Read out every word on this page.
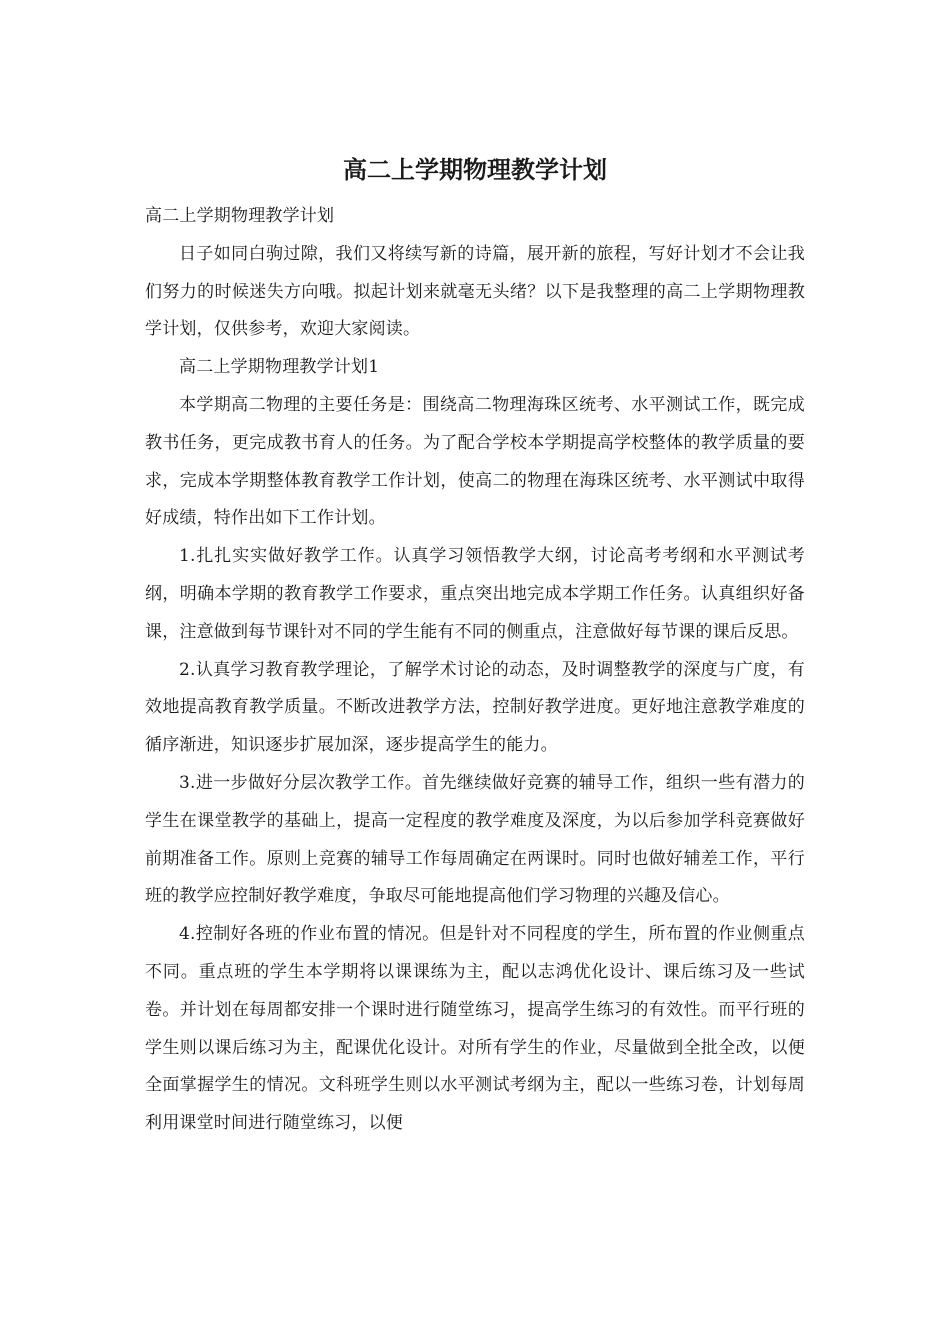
高二上学期物理教学计划

高二上学期物理教学计划

日子如同白驹过隙，我们又将续写新的诗篇，展开新的旅程，写好计划才不会让我们努力的时候迷失方向哦。拟起计划来就毫无头绪？以下是我整理的高二上学期物理教学计划，仅供参考，欢迎大家阅读。

高二上学期物理教学计划1

本学期高二物理的主要任务是：围绕高二物理海珠区统考、水平测试工作，既完成教书任务，更完成教书育人的任务。为了配合学校本学期提高学校整体的教学质量的要求，完成本学期整体教育教学工作计划，使高二的物理在海珠区统考、水平测试中取得好成绩，特作出如下工作计划。

1.扎扎实实做好教学工作。认真学习领悟教学大纲，讨论高考考纲和水平测试考纲，明确本学期的教育教学工作要求，重点突出地完成本学期工作任务。认真组织好备课，注意做到每节课针对不同的学生能有不同的侧重点，注意做好每节课的课后反思。

2.认真学习教育教学理论，了解学术讨论的动态，及时调整教学的深度与广度，有效地提高教育教学质量。不断改进教学方法，控制好教学进度。更好地注意教学难度的循序渐进，知识逐步扩展加深，逐步提高学生的能力。

3.进一步做好分层次教学工作。首先继续做好竞赛的辅导工作，组织一些有潜力的学生在课堂教学的基础上，提高一定程度的教学难度及深度，为以后参加学科竞赛做好前期准备工作。原则上竞赛的辅导工作每周确定在两课时。同时也做好辅差工作，平行班的教学应控制好教学难度，争取尽可能地提高他们学习物理的兴趣及信心。

4.控制好各班的作业布置的情况。但是针对不同程度的学生，所布置的作业侧重点不同。重点班的学生本学期将以课课练为主，配以志鸿优化设计、课后练习及一些试卷。并计划在每周都安排一个课时进行随堂练习，提高学生练习的有效性。而平行班的学生则以课后练习为主，配课优化设计。对所有学生的作业，尽量做到全批全改，以便全面掌握学生的情况。文科班学生则以水平测试考纲为主，配以一些练习卷，计划每周利用课堂时间进行随堂练习，以便
